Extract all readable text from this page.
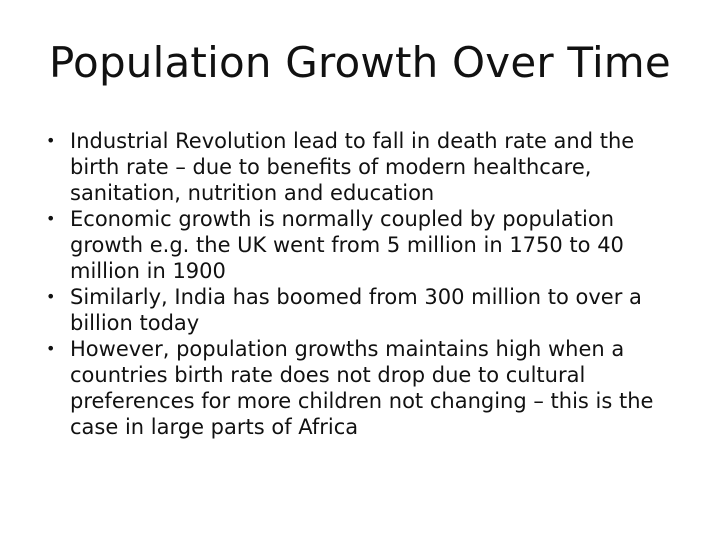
Population Growth Over Time
• Industrial Revolution lead to fall in death rate and the birth rate – due to benefits of modern healthcare, sanitation, nutrition and education
• Economic growth is normally coupled by population growth e.g. the UK went from 5 million in 1750 to 40 million in 1900
• Similarly, India has boomed from 300 million to over a billion today
• However, population growths maintains high when a countries birth rate does not drop due to cultural preferences for more children not changing – this is the case in large parts of Africa
